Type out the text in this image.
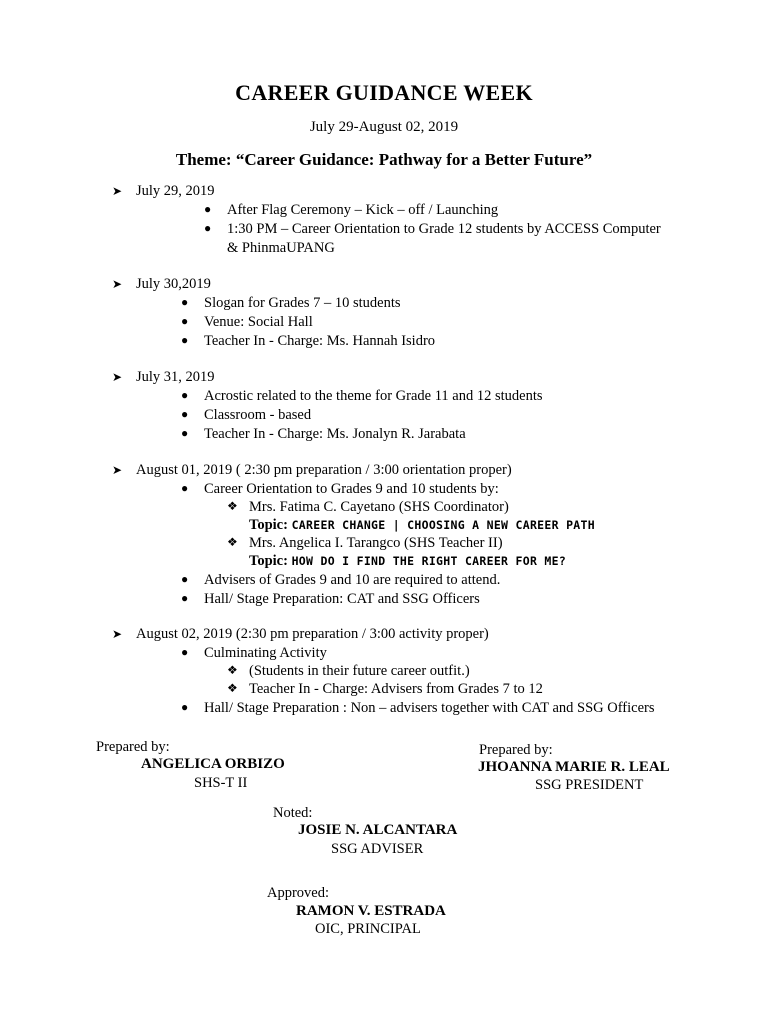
CAREER GUIDANCE WEEK
July 29-August 02, 2019
Theme: “Career Guidance: Pathway for a Better Future”
➤ July 29, 2019
● After Flag Ceremony – Kick – off / Launching
● 1:30 PM – Career Orientation to Grade 12 students by ACCESS Computer
& PhinmaUPANG
➤ July 30,2019
● Slogan for Grades 7 – 10 students
● Venue: Social Hall
● Teacher In - Charge: Ms. Hannah Isidro
➤ July 31, 2019
● Acrostic related to the theme for Grade 11 and 12 students
● Classroom - based
● Teacher In - Charge: Ms. Jonalyn R. Jarabata
➤ August 01, 2019 ( 2:30 pm preparation / 3:00 orientation proper)
● Career Orientation to Grades 9 and 10 students by:
❖ Mrs. Fatima C. Cayetano (SHS Coordinator)
Topic: CAREER CHANGE | CHOOSING A NEW CAREER PATH
❖ Mrs. Angelica I. Tarangco (SHS Teacher II)
Topic: HOW DO I FIND THE RIGHT CAREER FOR ME?
● Advisers of Grades 9 and 10 are required to attend.
● Hall/ Stage Preparation: CAT and SSG Officers
➤ August 02, 2019 (2:30 pm preparation / 3:00 activity proper)
● Culminating Activity
❖ (Students in their future career outfit.)
❖ Teacher In - Charge: Advisers from Grades 7 to 12
● Hall/ Stage Preparation : Non – advisers together with CAT and SSG Officers
Prepared by:
ANGELICA ORBIZO
SHS-T II
Prepared by:
JHOANNA MARIE R. LEAL
SSG PRESIDENT
Noted:
JOSIE N. ALCANTARA
SSG ADVISER
Approved:
RAMON V. ESTRADA
OIC, PRINCIPAL
